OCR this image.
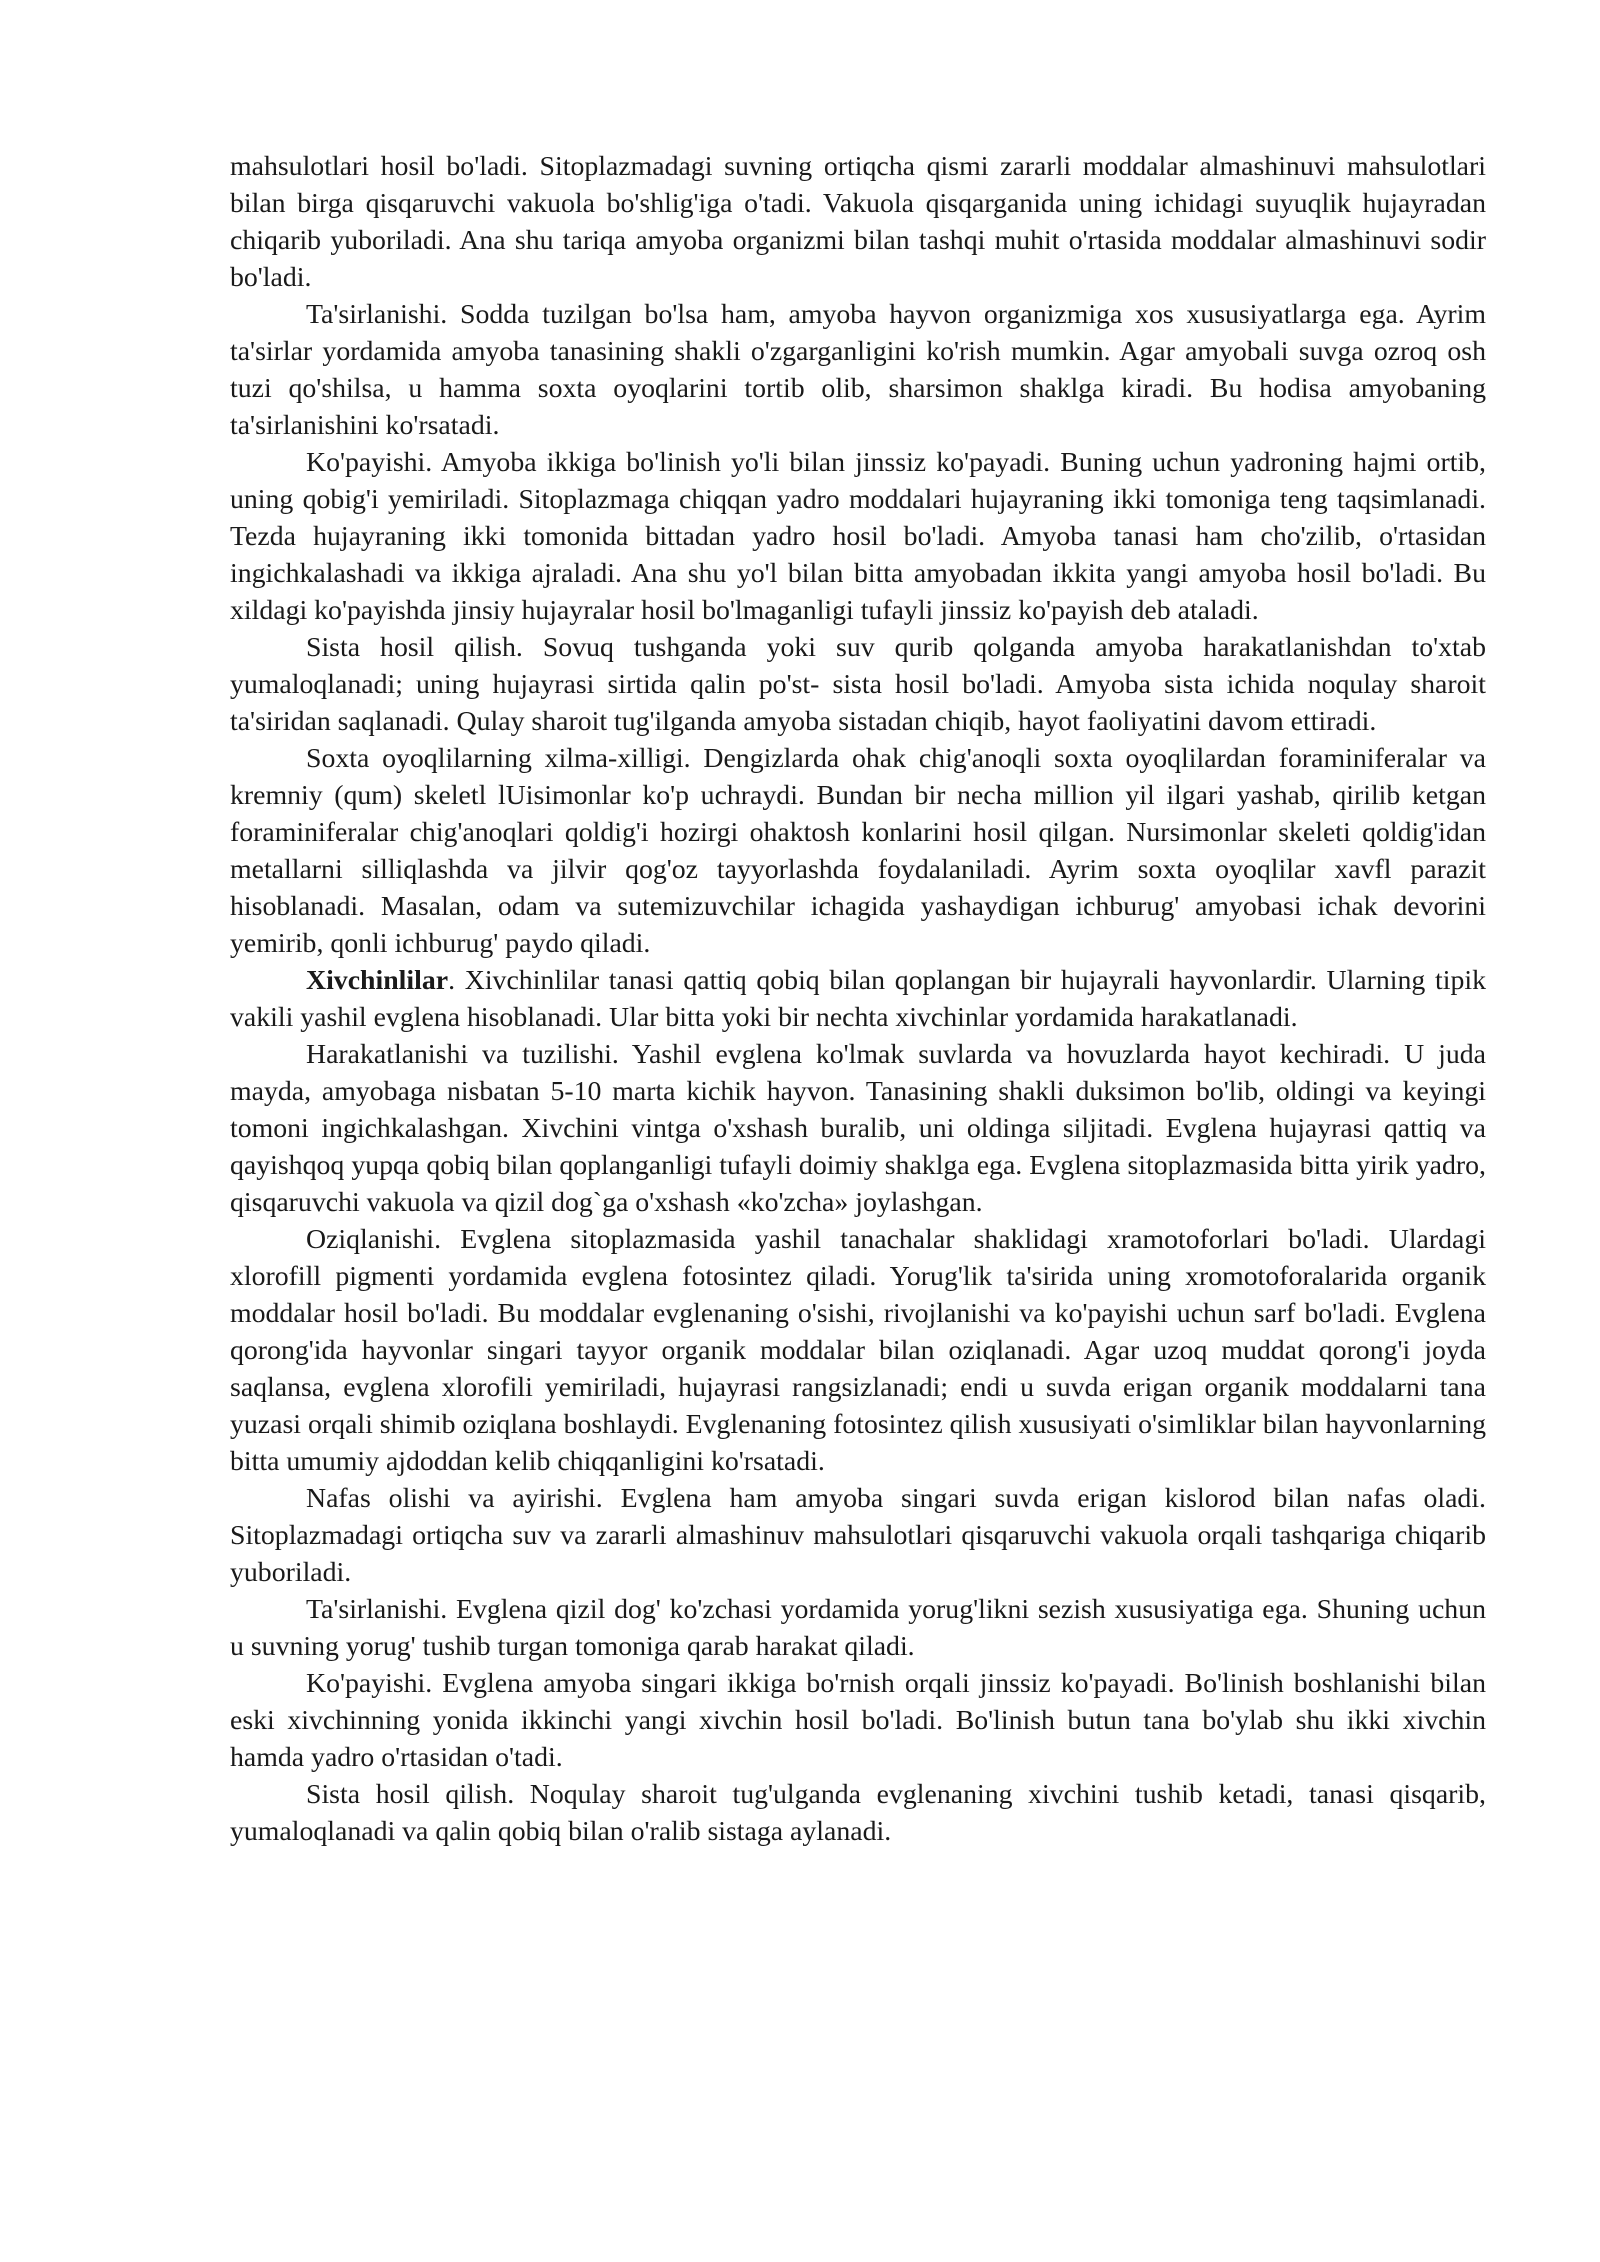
mahsulotlari hosil bo'ladi. Sitoplazmadagi suvning ortiqcha qismi zararli moddalar almashinuvi mahsulotlari bilan birga qisqaruvchi vakuola bo'shlig'iga o'tadi. Vakuola qisqarganida uning ichidagi suyuqlik hujayradan chiqarib yuboriladi. Ana shu tariqa amyoba organizmi bilan tashqi muhit o'rtasida moddalar almashinuvi sodir bo'ladi.

Ta'sirlanishi. Sodda tuzilgan bo'lsa ham, amyoba hayvon organizmiga xos xususiyatlarga ega. Ayrim ta'sirlar yordamida amyoba tanasining shakli o'zgarganligini ko'rish mumkin. Agar amyobali suvga ozroq osh tuzi qo'shilsa, u hamma soxta oyoqlarini tortib olib, sharsimon shaklga kiradi. Bu hodisa amyobaning ta'sirlanishini ko'rsatadi.

Ko'payishi. Amyoba ikkiga bo'linish yo'li bilan jinssiz ko'payadi. Buning uchun yadroning hajmi ortib, uning qobig'i yemiriladi. Sitoplazmaga chiqqan yadro moddalari hujayraning ikki tomoniga teng taqsimlanadi. Tezda hujayraning ikki tomonida bittadan yadro hosil bo'ladi. Amyoba tanasi ham cho'zilib, o'rtasidan ingichkalashadi va ikkiga ajraladi. Ana shu yo'l bilan bitta amyobadan ikkita yangi amyoba hosil bo'ladi. Bu xildagi ko'payishda jinsiy hujayralar hosil bo'lmaganligi tufayli jinssiz ko'payish deb ataladi.

Sista hosil qilish. Sovuq tushganda yoki suv qurib qolganda amyoba harakatlanishdan to'xtab yumaloqlanadi; uning hujayrasi sirtida qalin po'st- sista hosil bo'ladi. Amyoba sista ichida noqulay sharoit ta'siridan saqlanadi. Qulay sharoit tug'ilganda amyoba sistadan chiqib, hayot faoliyatini davom ettiradi.

Soxta oyoqlilarning xilma-xilligi. Dengizlarda ohak chig'anoqli soxta oyoqlilardan foraminiferalar va kremniy (qum) skeletl lUisimonlar ko'p uchraydi. Bundan bir necha million yil ilgari yashab, qirilib ketgan foraminiferalar chig'anoqlari qoldig'i hozirgi ohaktosh konlarini hosil qilgan. Nursimonlar skeleti qoldig'idan metallarni silliqlashda va jilvir qog'oz tayyorlashda foydalaniladi. Ayrim soxta oyoqlilar xavfl parazit hisoblanadi. Masalan, odam va sutemizuvchilar ichagida yashaydigan ichburug' amyobasi ichak devorini yemirib, qonli ichburug' paydo qiladi.

Xivchinlilar. Xivchinlilar tanasi qattiq qobiq bilan qoplangan bir hujayrali hayvonlardir. Ularning tipik vakili yashil evglena hisoblanadi. Ular bitta yoki bir nechta xivchinlar yordamida harakatlanadi.

Harakatlanishi va tuzilishi. Yashil evglena ko'lmak suvlarda va hovuzlarda hayot kechiradi. U juda mayda, amyobaga nisbatan 5-10 marta kichik hayvon. Tanasining shakli duksimon bo'lib, oldingi va keyingi tomoni ingichkalashgan. Xivchini vintga o'xshash buralib, uni oldinga siljitadi. Evglena hujayrasi qattiq va qayishqoq yupqa qobiq bilan qoplanganligi tufayli doimiy shaklga ega. Evglena sitoplazmasida bitta yirik yadro, qisqaruvchi vakuola va qizil dog`ga o'xshash «ko'zcha» joylashgan.

Oziqlanishi. Evglena sitoplazmasida yashil tanachalar shaklidagi xramotoforlari bo'ladi. Ulardagi xlorofill pigmenti yordamida evglena fotosintez qiladi. Yorug'lik ta'sirida uning xromotoforalarida organik moddalar hosil bo'ladi. Bu moddalar evglenaning o'sishi, rivojlanishi va ko'payishi uchun sarf bo'ladi. Evglena qorong'ida hayvonlar singari tayyor organik moddalar bilan oziqlanadi. Agar uzoq muddat qorong'i joyda saqlansa, evglena xlorofili yemiriladi, hujayrasi rangsizlanadi; endi u suvda erigan organik moddalarni tana yuzasi orqali shimib oziqlana boshlaydi. Evglenaning fotosintez qilish xususiyati o'simliklar bilan hayvonlarning bitta umumiy ajdoddan kelib chiqqanligini ko'rsatadi.

Nafas olishi va ayirishi. Evglena ham amyoba singari suvda erigan kislorod bilan nafas oladi. Sitoplazmadagi ortiqcha suv va zararli almashinuv mahsulotlari qisqaruvchi vakuola orqali tashqariga chiqarib yuboriladi.

Ta'sirlanishi. Evglena qizil dog' ko'zchasi yordamida yorug'likni sezish xususiyatiga ega. Shuning uchun u suvning yorug' tushib turgan tomoniga qarab harakat qiladi.

Ko'payishi. Evglena amyoba singari ikkiga bo'rnish orqali jinssiz ko'payadi. Bo'linish boshlanishi bilan eski xivchinning yonida ikkinchi yangi xivchin hosil bo'ladi. Bo'linish butun tana bo'ylab shu ikki xivchin hamda yadro o'rtasidan o'tadi.

Sista hosil qilish. Noqulay sharoit tug'ulganda evglenaning xivchini tushib ketadi, tanasi qisqarib, yumaloqlanadi va qalin qobiq bilan o'ralib sistaga aylanadi.
